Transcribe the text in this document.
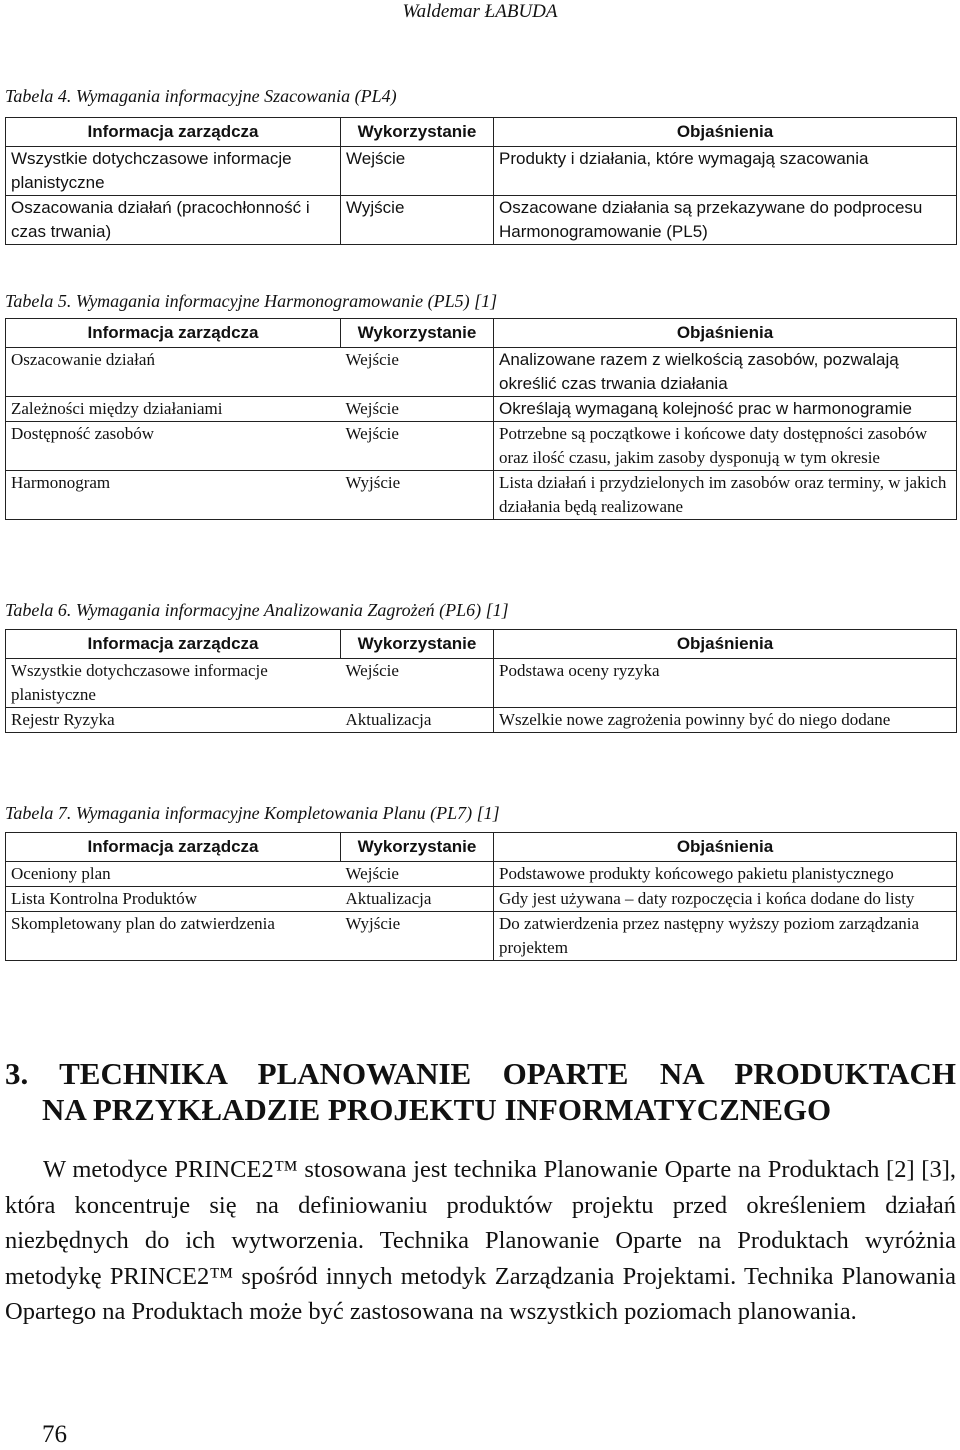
Waldemar ŁABUDA
Tabela 4. Wymagania informacyjne Szacowania (PL4)
Informacja zarządcza	Wykorzystanie	Objaśnienia
Wszystkie dotychczasowe informacje planistyczne	Wejście	Produkty i działania, które wymagają szacowania
Oszacowania działań (pracochłonność i czas trwania)	Wyjście	Oszacowane działania są przekazywane do podprocesu Harmonogramowanie (PL5)
Tabela 5. Wymagania informacyjne Harmonogramowanie (PL5) [1]
Informacja zarządcza	Wykorzystanie	Objaśnienia
Oszacowanie działań	Wejście	Analizowane razem z wielkością zasobów, pozwalają określić czas trwania działania
Zależności między działaniami	Wejście	Określają wymaganą kolejność prac w harmonogramie
Dostępność zasobów	Wejście	Potrzebne są początkowe i końcowe daty dostępności zasobów oraz ilość czasu, jakim zasoby dysponują w tym okresie
Harmonogram	Wyjście	Lista działań i przydzielonych im zasobów oraz terminy, w jakich działania będą realizowane
Tabela 6. Wymagania informacyjne Analizowania Zagrożeń (PL6) [1]
Informacja zarządcza	Wykorzystanie	Objaśnienia
Wszystkie dotychczasowe informacje planistyczne	Wejście	Podstawa oceny ryzyka
Rejestr Ryzyka	Aktualizacja	Wszelkie nowe zagrożenia powinny być do niego dodane
Tabela 7. Wymagania informacyjne Kompletowania Planu (PL7) [1]
Informacja zarządcza	Wykorzystanie	Objaśnienia
Oceniony plan	Wejście	Podstawowe produkty końcowego pakietu planistycznego
Lista Kontrolna Produktów	Aktualizacja	Gdy jest używana – daty rozpoczęcia i końca dodane do listy
Skompletowany plan do zatwierdzenia	Wyjście	Do zatwierdzenia przez następny wyższy poziom zarządzania projektem
3. TECHNIKA PLANOWANIE OPARTE NA PRODUKTACH
NA PRZYKŁADZIE PROJEKTU INFORMATYCZNEGO

W metodyce PRINCE2™ stosowana jest technika Planowanie Oparte na Produktach [2] [3], która koncentruje się na definiowaniu produktów projektu przed określeniem działań niezbędnych do ich wytworzenia. Technika Planowanie Oparte na Produktach wyróżnia metodykę PRINCE2™ spośród innych metodyk Zarządzania Projektami. Technika Planowania Opartego na Produktach może być zastosowana na wszystkich poziomach planowania.

76
